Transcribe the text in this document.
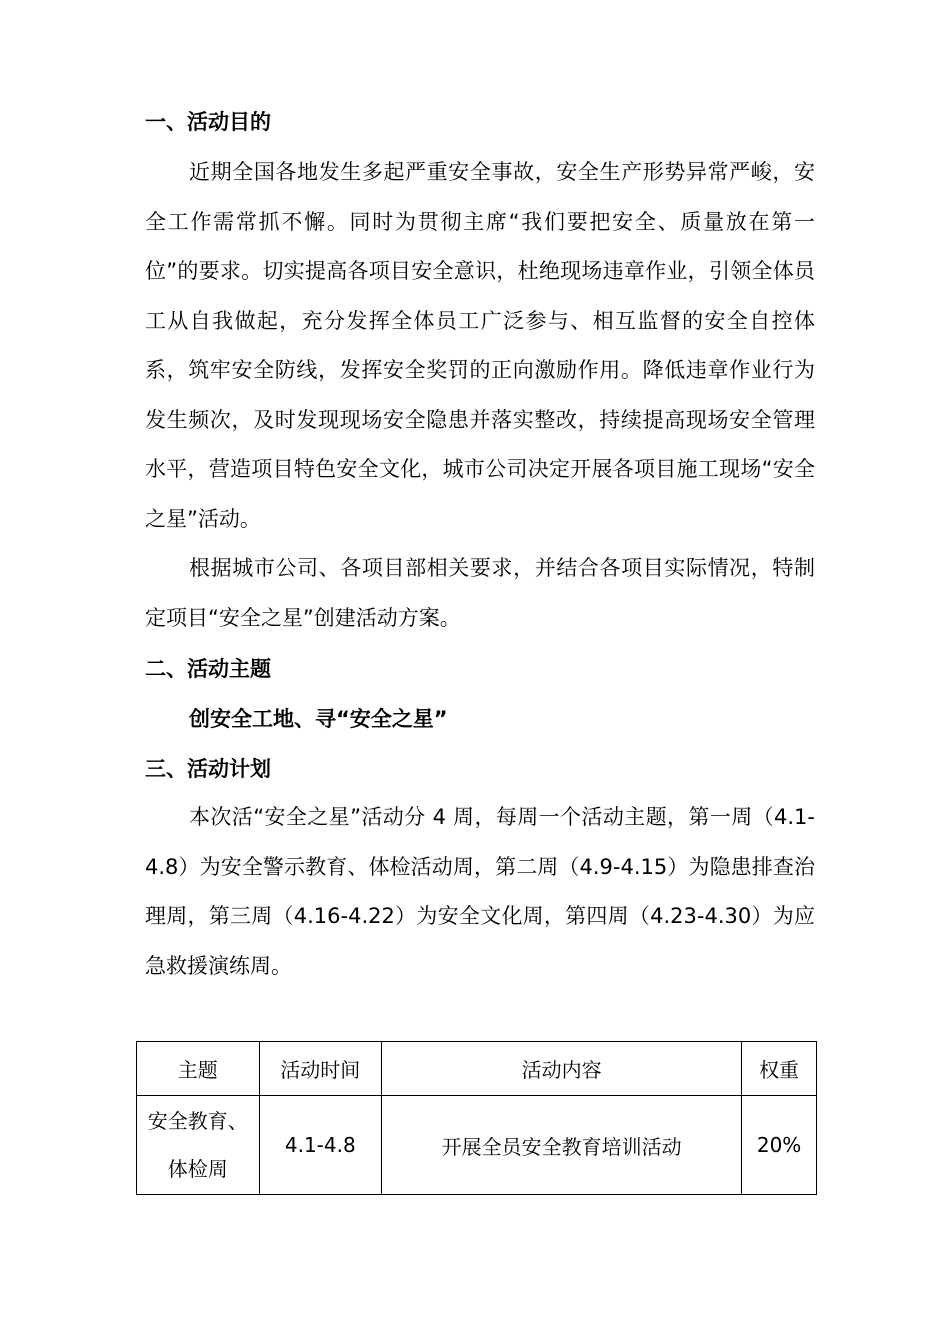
一、活动目的

近期全国各地发生多起严重安全事故，安全生产形势异常严峻，安全工作需常抓不懈。同时为贯彻主席“我们要把安全、质量放在第一位”的要求。切实提高各项目安全意识，杜绝现场违章作业，引领全体员工从自我做起，充分发挥全体员工广泛参与、相互监督的安全自控体系，筑牢安全防线，发挥安全奖罚的正向激励作用。降低违章作业行为发生频次，及时发现现场安全隐患并落实整改，持续提高现场安全管理水平，营造项目特色安全文化，城市公司决定开展各项目施工现场“安全之星”活动。

根据城市公司、各项目部相关要求，并结合各项目实际情况，特制定项目“安全之星”创建活动方案。

二、活动主题
创安全工地、寻“安全之星”
三、活动计划

本次活“安全之星”活动分 4 周，每周一个活动主题，第一周（4.1-4.8）为安全警示教育、体检活动周，第二周（4.9-4.15）为隐患排查治理周，第三周（4.16-4.22）为安全文化周，第四周（4.23-4.30）为应急救援演练周。

主题	活动时间	活动内容	权重

安全教育、
体检周	4.1-4.8	开展全员安全教育培训活动	20%
